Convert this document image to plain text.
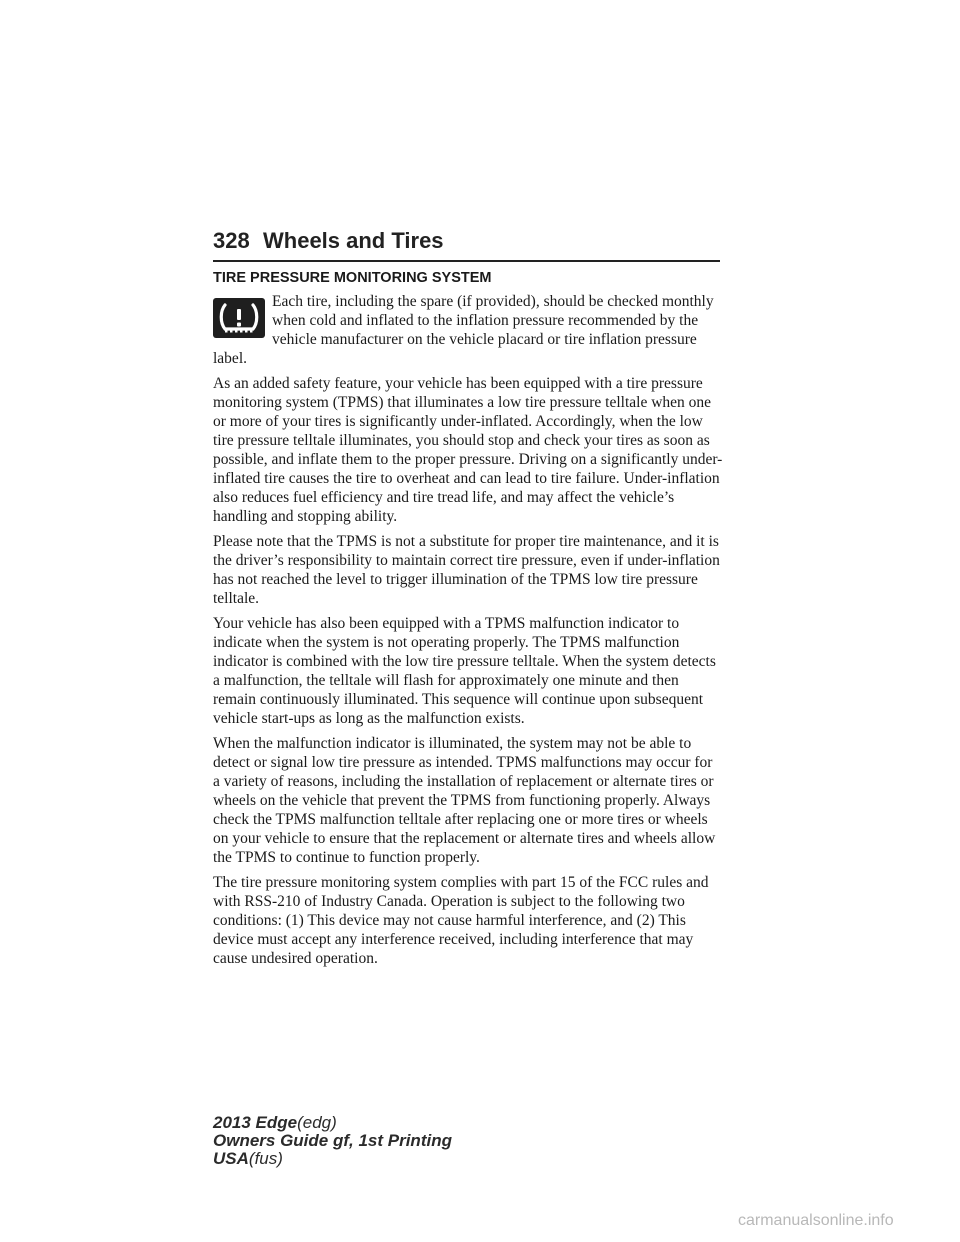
328 Wheels and Tires
TIRE PRESSURE MONITORING SYSTEM

Each tire, including the spare (if provided), should be checked monthly when cold and inflated to the inflation pressure recommended by the vehicle manufacturer on the vehicle placard or tire inflation pressure label.

As an added safety feature, your vehicle has been equipped with a tire pressure monitoring system (TPMS) that illuminates a low tire pressure telltale when one or more of your tires is significantly under-inflated. Accordingly, when the low tire pressure telltale illuminates, you should stop and check your tires as soon as possible, and inflate them to the proper pressure. Driving on a significantly under-inflated tire causes the tire to overheat and can lead to tire failure. Under-inflation also reduces fuel efficiency and tire tread life, and may affect the vehicle’s handling and stopping ability.

Please note that the TPMS is not a substitute for proper tire maintenance, and it is the driver’s responsibility to maintain correct tire pressure, even if under-inflation has not reached the level to trigger illumination of the TPMS low tire pressure telltale.

Your vehicle has also been equipped with a TPMS malfunction indicator to indicate when the system is not operating properly. The TPMS malfunction indicator is combined with the low tire pressure telltale. When the system detects a malfunction, the telltale will flash for approximately one minute and then remain continuously illuminated. This sequence will continue upon subsequent vehicle start-ups as long as the malfunction exists.

When the malfunction indicator is illuminated, the system may not be able to detect or signal low tire pressure as intended. TPMS malfunctions may occur for a variety of reasons, including the installation of replacement or alternate tires or wheels on the vehicle that prevent the TPMS from functioning properly. Always check the TPMS malfunction telltale after replacing one or more tires or wheels on your vehicle to ensure that the replacement or alternate tires and wheels allow the TPMS to continue to function properly.

The tire pressure monitoring system complies with part 15 of the FCC rules and with RSS-210 of Industry Canada. Operation is subject to the following two conditions: (1) This device may not cause harmful interference, and (2) This device must accept any interference received, including interference that may cause undesired operation.

2013 Edge(edg)
Owners Guide gf, 1st Printing
USA(fus)
carmanualsonline.info
